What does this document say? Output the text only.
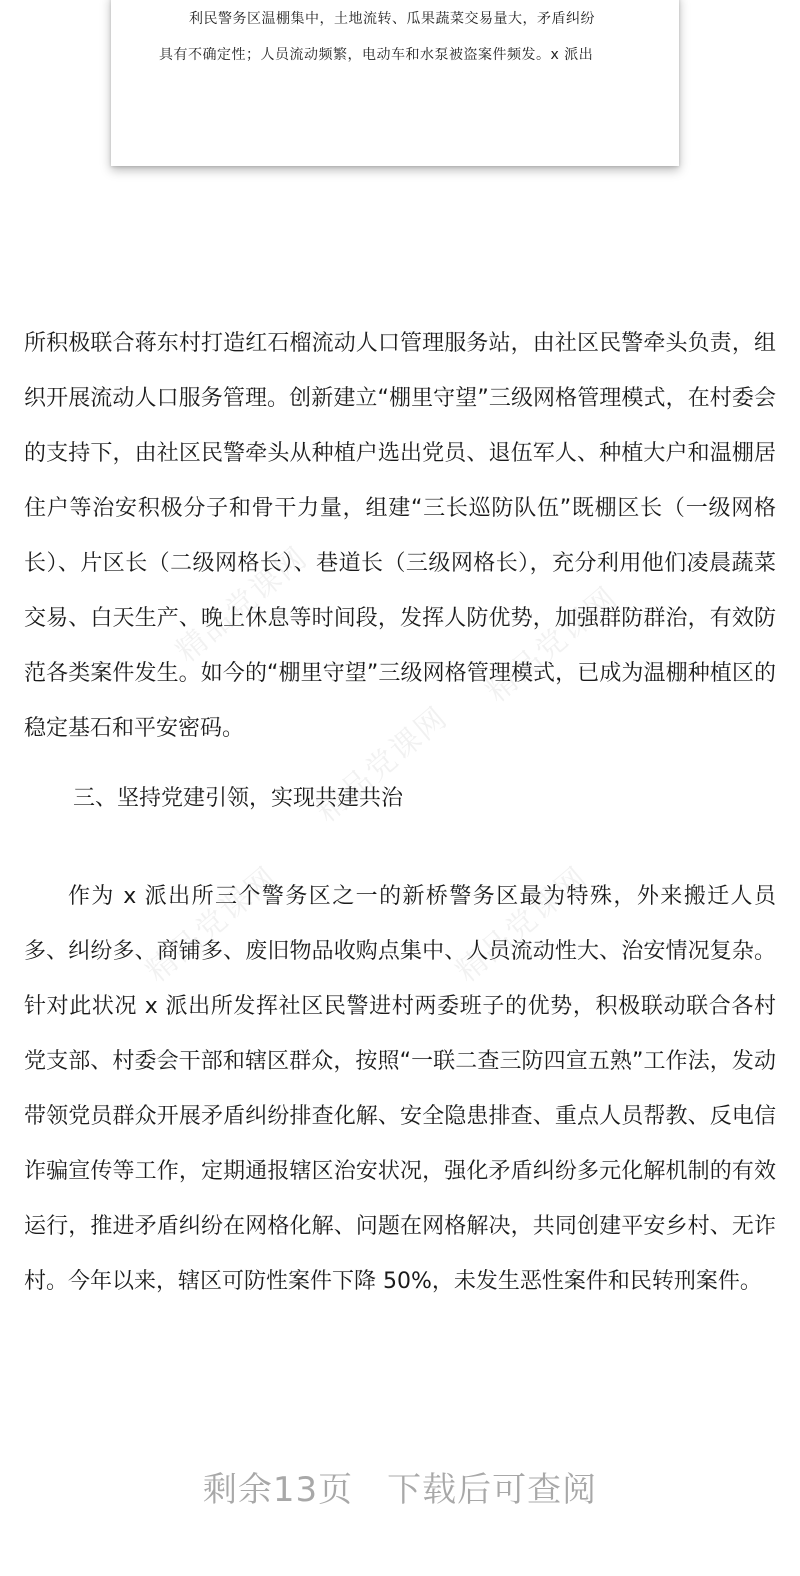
利民警务区温棚集中，土地流转、瓜果蔬菜交易量大，矛盾纠纷
具有不确定性；人员流动频繁，电动车和水泵被盗案件频发。x 派出
精品党课网	精品党课网
精品党课网
精品党课网	精品党课网

所积极联合蒋东村打造红石榴流动人口管理服务站，由社区民警牵头负责，组织开展流动人口服务管理。创新建立“棚里守望”三级网格管理模式，在村委会的支持下，由社区民警牵头从种植户选出党员、退伍军人、种植大户和温棚居住户等治安积极分子和骨干力量，组建“三长巡防队伍”既棚区长（一级网格长）、片区长（二级网格长）、巷道长（三级网格长），充分利用他们凌晨蔬菜交易、白天生产、晚上休息等时间段，发挥人防优势，加强群防群治，有效防范各类案件发生。如今的“棚里守望”三级网格管理模式，已成为温棚种植区的稳定基石和平安密码。

三、坚持党建引领，实现共建共治

作为 x 派出所三个警务区之一的新桥警务区最为特殊，外来搬迁人员多、纠纷多、商铺多、废旧物品收购点集中、人员流动性大、治安情况复杂。针对此状况 x 派出所发挥社区民警进村两委班子的优势，积极联动联合各村党支部、村委会干部和辖区群众，按照“一联二查三防四宣五熟”工作法，发动带领党员群众开展矛盾纠纷排查化解、安全隐患排查、重点人员帮教、反电信诈骗宣传等工作，定期通报辖区治安状况，强化矛盾纠纷多元化解机制的有效运行，推进矛盾纠纷在网格化解、问题在网格解决，共同创建平安乡村、无诈村。今年以来，辖区可防性案件下降 50%，未发生恶性案件和民转刑案件。

剩余13页 下载后可查阅
